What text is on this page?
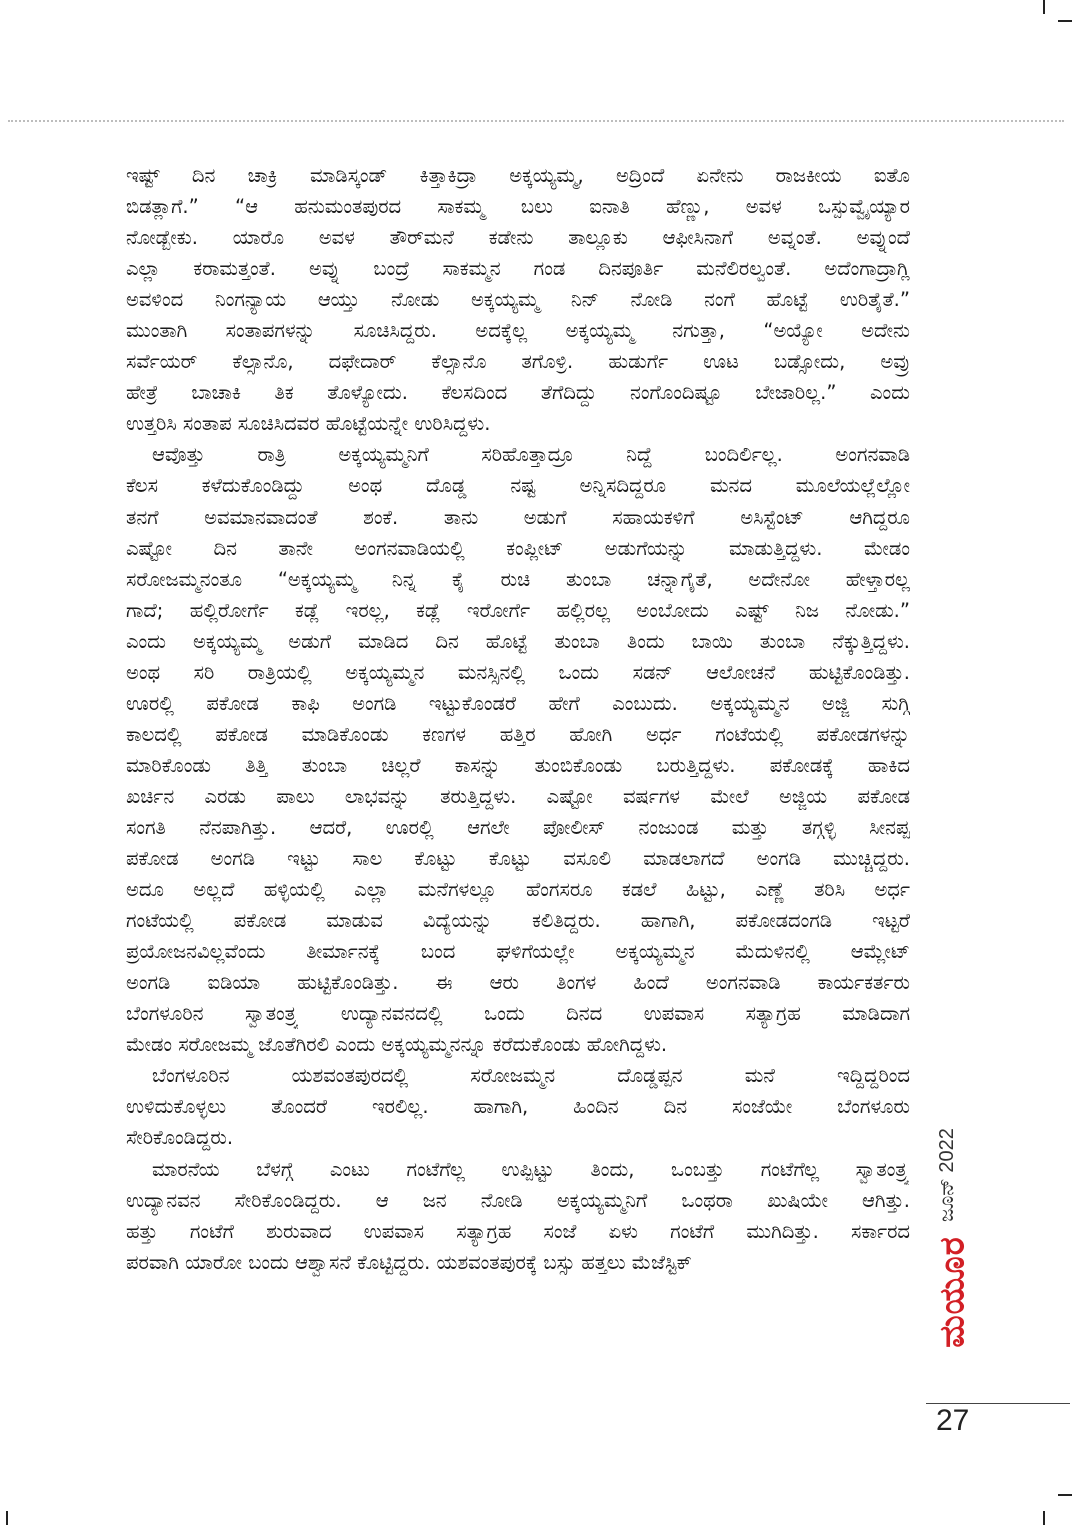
ಇಷ್ಟ್ ದಿನ ಚಾಕ್ರಿ ಮಾಡಿಸ್ಕಂಡ್ ಕಿತ್ತಾಕಿದ್ರಾ ಅಕ್ಕಯ್ಯಮ್ಮ, ಅದ್ರಿಂದೆ ಏನೇನು ರಾಜಕೀಯ ಐತೊ
ಬಿಡತ್ಲಾಗೆ.” “ಆ ಹನುಮಂತಪುರದ ಸಾಕಮ್ಮ ಬಲು ಐನಾತಿ ಹೆಣ್ಣು, ಅವಳ ಒಸ್ಪುವ್ವೈಯ್ಯಾರ
ನೋಡ್ಬೇಕು. ಯಾರೊ ಅವಳ ತೌರ್‌ಮನೆ ಕಡೇನು ತಾಲ್ಲೂಕು ಆಫೀಸಿನಾಗೆ ಅವ್ನಂತೆ. ಅವ್ನುಂದೆ
ಎಲ್ಲಾ ಕರಾಮತ್ತಂತೆ. ಅವ್ನು ಬಂದ್ರೆ ಸಾಕಮ್ಮನ ಗಂಡ ದಿನಪೂರ್ತಿ ಮನೆಲಿರಲ್ವಂತೆ. ಅದೆಂಗಾದ್ರಾಗ್ಲಿ
ಅವಳಿಂದ ನಿಂಗನ್ಯಾಯ ಆಯ್ತು ನೋಡು ಅಕ್ಕಯ್ಯಮ್ಮ ನಿನ್ ನೋಡಿ ನಂಗೆ ಹೊಟ್ಟೆ ಉರಿತೈತೆ.”
ಮುಂತಾಗಿ ಸಂತಾಪಗಳನ್ನು ಸೂಚಿಸಿದ್ದರು. ಅದಕ್ಕೆಲ್ಲ ಅಕ್ಕಯ್ಯಮ್ಮ ನಗುತ್ತಾ, “ಅಯ್ಯೋ ಅದೇನು
ಸರ್ವೆಯರ್ ಕೆಲ್ಸಾನೊ, ದಫೇದಾರ್ ಕೆಲ್ಸಾನೊ ತಗೊಳ್ರಿ. ಹುಡುರ್ಗೆ ಊಟ ಬಡ್ಸೋದು, ಅವ್ರು
ಹೇತ್ರೆ ಬಾಚಾಕಿ ತಿಕ ತೊಳ್ಯೋದು. ಕೆಲಸದಿಂದ ತೆಗೆದಿದ್ದು ನಂಗೊಂದಿಷ್ಟೂ ಬೇಜಾರಿಲ್ಲ.” ಎಂದು
ಉತ್ತರಿಸಿ ಸಂತಾಪ ಸೂಚಿಸಿದವರ ಹೊಟ್ಟೆಯನ್ನೇ ಉರಿಸಿದ್ದಳು.

ಆವೊತ್ತು ರಾತ್ರಿ ಅಕ್ಕಯ್ಯಮ್ಮನಿಗೆ ಸರಿಹೊತ್ತಾದ್ರೂ ನಿದ್ದೆ ಬಂದಿರ್ಲಿಲ್ಲ. ಅಂಗನವಾಡಿ
ಕೆಲಸ ಕಳೆದುಕೊಂಡಿದ್ದು ಅಂಥ ದೊಡ್ಡ ನಷ್ಟ ಅನ್ನಿಸದಿದ್ದರೂ ಮನದ ಮೂಲೆಯಲ್ಲೆಲ್ಲೋ
ತನಗೆ ಅವಮಾನವಾದಂತೆ ಶಂಕೆ. ತಾನು ಅಡುಗೆ ಸಹಾಯಕಳಿಗೆ ಅಸಿಸ್ಟೆಂಟ್ ಆಗಿದ್ದರೂ
ಎಷ್ಟೋ ದಿನ ತಾನೇ ಅಂಗನವಾಡಿಯಲ್ಲಿ ಕಂಪ್ಲೀಟ್ ಅಡುಗೆಯನ್ನು ಮಾಡುತ್ತಿದ್ದಳು. ಮೇಡಂ
ಸರೋಜಮ್ಮನಂತೂ “ಅಕ್ಕಯ್ಯಮ್ಮ ನಿನ್ನ ಕೈ ರುಚಿ ತುಂಬಾ ಚನ್ನಾಗೈತೆ, ಅದೇನೋ ಹೇಳ್ತಾರಲ್ಲ
ಗಾದೆ; ಹಲ್ಲಿರೋರ್ಗೆ ಕಡ್ಲೆ ಇರಲ್ಲ, ಕಡ್ಲೆ ಇರೋರ್ಗೆ ಹಲ್ಲಿರಲ್ಲ ಅಂಬೋದು ಎಷ್ಟ್ ನಿಜ ನೋಡು.”
ಎಂದು ಅಕ್ಕಯ್ಯಮ್ಮ ಅಡುಗೆ ಮಾಡಿದ ದಿನ ಹೊಟ್ಟೆ ತುಂಬಾ ತಿಂದು ಬಾಯಿ ತುಂಬಾ ನೆಕ್ಕುತ್ತಿದ್ದಳು.
ಅಂಥ ಸರಿ ರಾತ್ರಿಯಲ್ಲಿ ಅಕ್ಕಯ್ಯಮ್ಮನ ಮನಸ್ಸಿನಲ್ಲಿ ಒಂದು ಸಡನ್ ಆಲೋಚನೆ ಹುಟ್ಟಿಕೊಂಡಿತ್ತು.
ಊರಲ್ಲಿ ಪಕೋಡ ಕಾಫಿ ಅಂಗಡಿ ಇಟ್ಟುಕೊಂಡರೆ ಹೇಗೆ ಎಂಬುದು. ಅಕ್ಕಯ್ಯಮ್ಮನ ಅಜ್ಜಿ ಸುಗ್ಗಿ
ಕಾಲದಲ್ಲಿ ಪಕೋಡ ಮಾಡಿಕೊಂಡು ಕಣಗಳ ಹತ್ತಿರ ಹೋಗಿ ಅರ್ಧ ಗಂಟೆಯಲ್ಲಿ ಪಕೋಡಗಳನ್ನು
ಮಾರಿಕೊಂಡು ತಿತ್ತಿ ತುಂಬಾ ಚಿಲ್ಲರೆ ಕಾಸನ್ನು ತುಂಬಿಕೊಂಡು ಬರುತ್ತಿದ್ದಳು. ಪಕೋಡಕ್ಕೆ ಹಾಕಿದ
ಖರ್ಚಿನ ಎರಡು ಪಾಲು ಲಾಭವನ್ನು ತರುತ್ತಿದ್ದಳು. ಎಷ್ಟೋ ವರ್ಷಗಳ ಮೇಲೆ ಅಜ್ಜಿಯ ಪಕೋಡ
ಸಂಗತಿ ನೆನಪಾಗಿತ್ತು. ಆದರೆ, ಊರಲ್ಲಿ ಆಗಲೇ ಪೋಲೀಸ್ ನಂಜುಂಡ ಮತ್ತು ತಗ್ಗಳ್ಳಿ ಸೀನಪ್ಪ
ಪಕೋಡ ಅಂಗಡಿ ಇಟ್ಟು ಸಾಲ ಕೊಟ್ಟು ಕೊಟ್ಟು ವಸೂಲಿ ಮಾಡಲಾಗದೆ ಅಂಗಡಿ ಮುಚ್ಚಿದ್ದರು.
ಅದೂ ಅಲ್ಲದೆ ಹಳ್ಳಿಯಲ್ಲಿ ಎಲ್ಲಾ ಮನೆಗಳಲ್ಲೂ ಹೆಂಗಸರೂ ಕಡಲೆ ಹಿಟ್ಟು, ಎಣ್ಣೆ ತರಿಸಿ ಅರ್ಧ
ಗಂಟೆಯಲ್ಲಿ ಪಕೋಡ ಮಾಡುವ ವಿದ್ಯೆಯನ್ನು ಕಲಿತಿದ್ದರು. ಹಾಗಾಗಿ, ಪಕೋಡದಂಗಡಿ ಇಟ್ಟರೆ
ಪ್ರಯೋಜನವಿಲ್ಲವೆಂದು ತೀರ್ಮಾನಕ್ಕೆ ಬಂದ ಘಳಿಗೆಯಲ್ಲೇ ಅಕ್ಕಯ್ಯಮ್ಮನ ಮೆದುಳಿನಲ್ಲಿ ಆಮ್ಲೇಟ್
ಅಂಗಡಿ ಐಡಿಯಾ ಹುಟ್ಟಿಕೊಂಡಿತ್ತು. ಈ ಆರು ತಿಂಗಳ ಹಿಂದೆ ಅಂಗನವಾಡಿ ಕಾರ್ಯಕರ್ತರು
ಬೆಂಗಳೂರಿನ ಸ್ವಾತಂತ್ರ್ಯ ಉದ್ಯಾನವನದಲ್ಲಿ ಒಂದು ದಿನದ ಉಪವಾಸ ಸತ್ಯಾಗ್ರಹ ಮಾಡಿದಾಗ
ಮೇಡಂ ಸರೋಜಮ್ಮ ಜೊತೆಗಿರಲಿ ಎಂದು ಅಕ್ಕಯ್ಯಮ್ಮನನ್ನೂ ಕರೆದುಕೊಂಡು ಹೋಗಿದ್ದಳು.

ಬೆಂಗಳೂರಿನ ಯಶವಂತಪುರದಲ್ಲಿ ಸರೋಜಮ್ಮನ ದೊಡ್ಡಪ್ಪನ ಮನೆ ಇದ್ದಿದ್ದರಿಂದ
ಉಳಿದುಕೊಳ್ಳಲು ತೊಂದರೆ ಇರಲಿಲ್ಲ. ಹಾಗಾಗಿ, ಹಿಂದಿನ ದಿನ ಸಂಜೆಯೇ ಬೆಂಗಳೂರು
ಸೇರಿಕೊಂಡಿದ್ದರು.

ಮಾರನೆಯ ಬೆಳಗ್ಗೆ ಎಂಟು ಗಂಟೆಗೆಲ್ಲ ಉಪ್ಪಿಟ್ಟು ತಿಂದು, ಒಂಬತ್ತು ಗಂಟೆಗೆಲ್ಲ ಸ್ವಾತಂತ್ರ್ಯ
ಉದ್ಯಾನವನ ಸೇರಿಕೊಂಡಿದ್ದರು. ಆ ಜನ ನೋಡಿ ಅಕ್ಕಯ್ಯಮ್ಮನಿಗೆ ಒಂಥರಾ ಖುಷಿಯೇ ಆಗಿತ್ತು.
ಹತ್ತು ಗಂಟೆಗೆ ಶುರುವಾದ ಉಪವಾಸ ಸತ್ಯಾಗ್ರಹ ಸಂಜೆ ಏಳು ಗಂಟೆಗೆ ಮುಗಿದಿತ್ತು. ಸರ್ಕಾರದ
ಪರವಾಗಿ ಯಾರೋ ಬಂದು ಆಶ್ವಾಸನೆ ಕೊಟ್ಟಿದ್ದರು. ಯಶವಂತಪುರಕ್ಕೆ ಬಸ್ಸು ಹತ್ತಲು ಮೆಜೆಸ್ಟಿಕ್

ಜೂನ್ 2022
ಮಯೂರ
27
